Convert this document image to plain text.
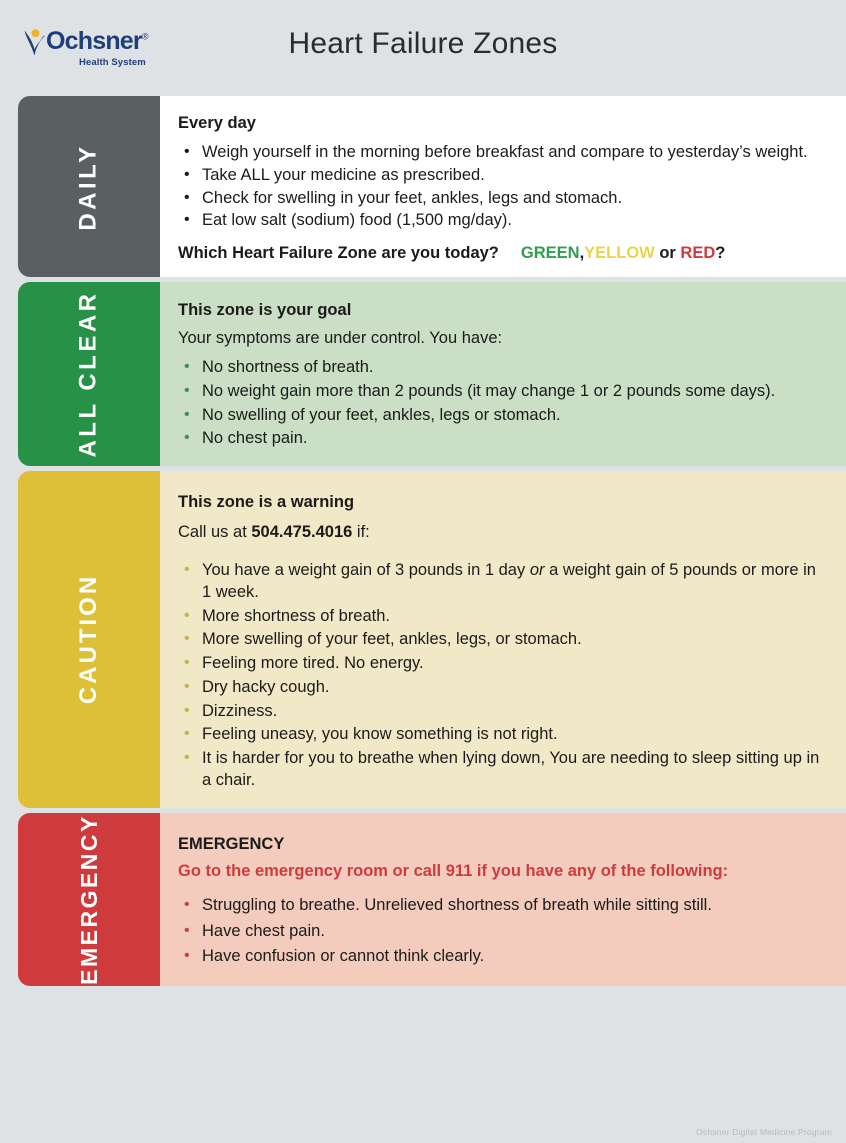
Ochsner®
Health System
Heart Failure Zones
DAILY
Every day
• Weigh yourself in the morning before breakfast and compare to yesterday’s weight.
• Take ALL your medicine as prescribed.
• Check for swelling in your feet, ankles, legs and stomach.
• Eat low salt (sodium) food (1,500 mg/day).
Which Heart Failure Zone are you today? GREEN,YELLOW or RED?
ALL CLEAR	This zone is your goal
Your symptoms are under control. You have:
• No shortness of breath.
• No weight gain more than 2 pounds (it may change 1 or 2 pounds some days).
• No swelling of your feet, ankles, legs or stomach.
• No chest pain.
CAUTION
This zone is a warning
Call us at 504.475.4016 if:
• You have a weight gain of 3 pounds in 1 day or a weight gain of 5 pounds or more in 1 week.
• More shortness of breath.
• More swelling of your feet, ankles, legs, or stomach.
• Feeling more tired. No energy.
• Dry hacky cough.
• Dizziness.
• Feeling uneasy, you know something is not right.
• It is harder for you to breathe when lying down, You are needing to sleep sitting up in a chair.
EMERGENCY	EMERGENCY
Go to the emergency room or call 911 if you have any of the following:
• Struggling to breathe. Unrelieved shortness of breath while sitting still.
• Have chest pain.
• Have confusion or cannot think clearly.
Ochsner Digital Medicine Program
